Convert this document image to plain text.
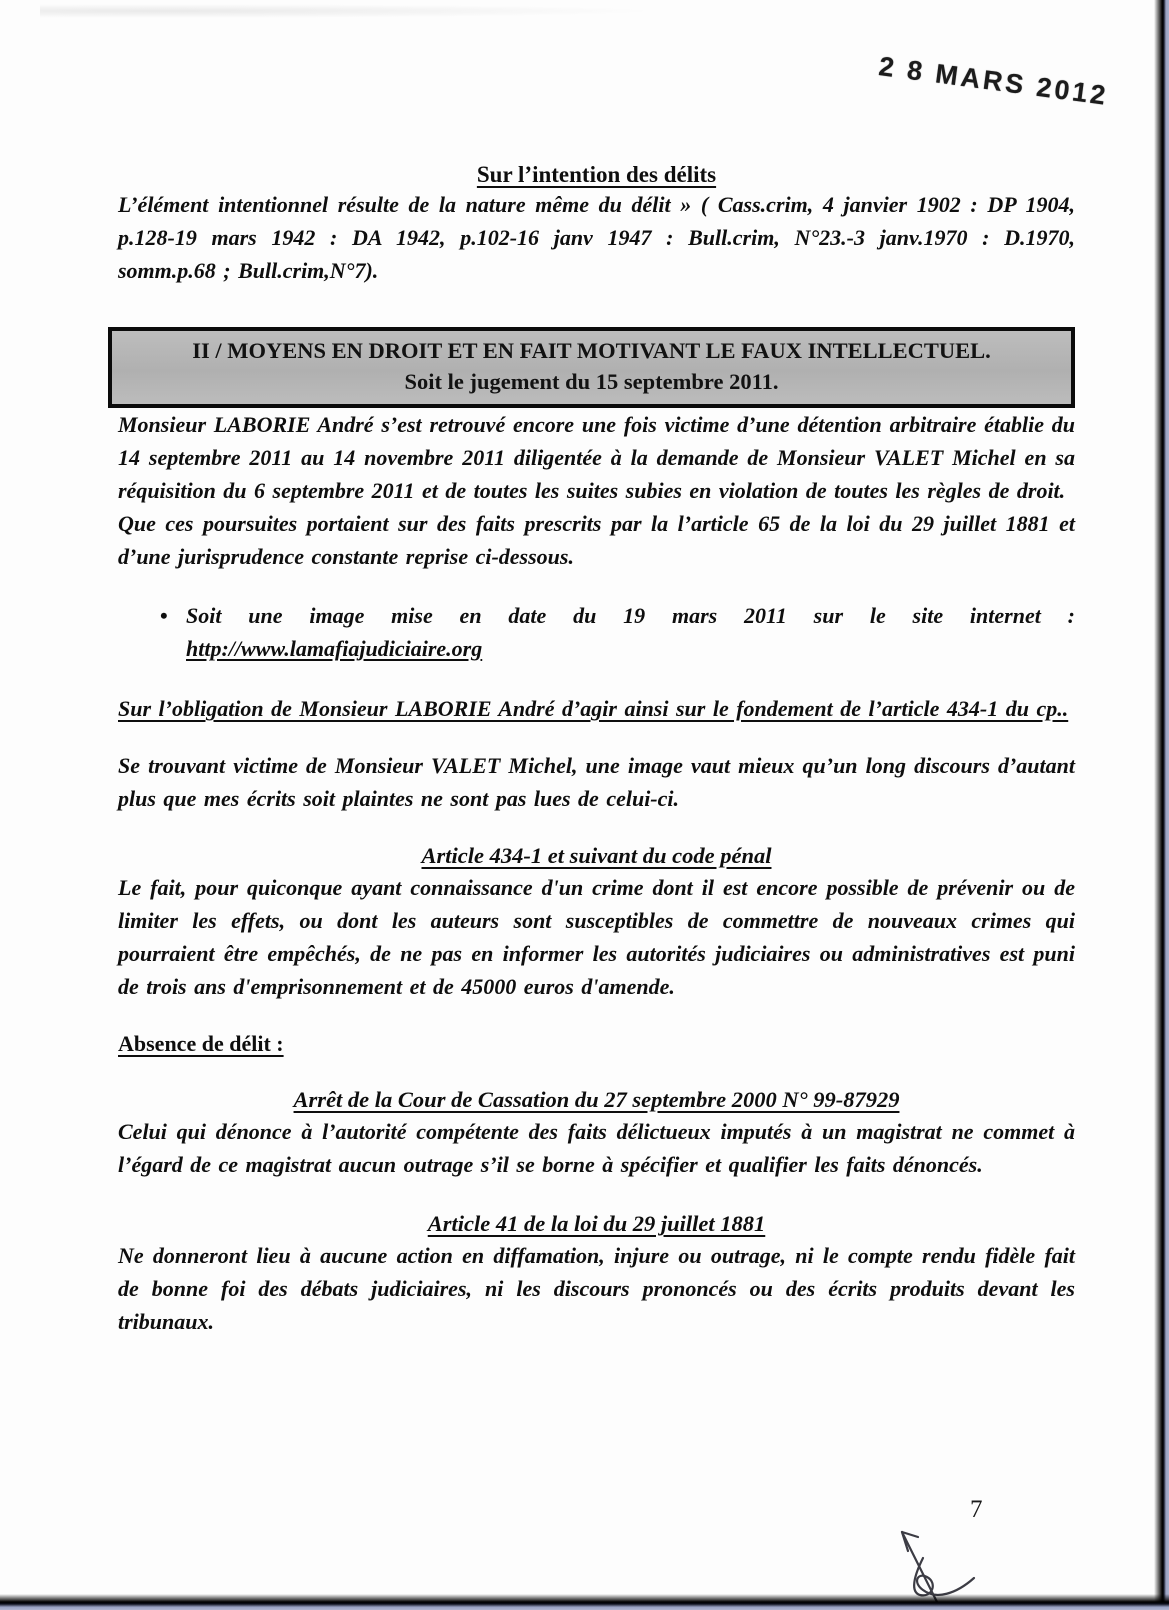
2 8 MARS 2012
Sur l’intention des délits

L’élément intentionnel résulte de la nature même du délit » ( Cass.crim, 4 janvier 1902 : DP 1904, p.128-19 mars 1942 : DA 1942, p.102-16 janv 1947 : Bull.crim, N°23.-3 janv.1970 : D.1970, somm.p.68 ; Bull.crim,N°7).

II / MOYENS EN DROIT ET EN FAIT MOTIVANT LE FAUX INTELLECTUEL.
Soit le jugement du 15 septembre 2011.

Monsieur LABORIE André s’est retrouvé encore une fois victime d’une détention arbitraire établie du 14 septembre 2011 au 14 novembre 2011 diligentée à la demande de Monsieur VALET Michel en sa réquisition du 6 septembre 2011 et de toutes les suites subies en violation de toutes les règles de droit.

Que ces poursuites portaient sur des faits prescrits par la l’article 65 de la loi du 29 juillet 1881 et d’une jurisprudence constante reprise ci-dessous.

• Soit une image mise en date du 19 mars 2011 sur le site internet : http://www.lamafiajudiciaire.org

Sur l’obligation de Monsieur LABORIE André d’agir ainsi sur le fondement de l’article 434-1 du cp..

Se trouvant victime de Monsieur VALET Michel, une image vaut mieux qu’un long discours d’autant plus que mes écrits soit plaintes ne sont pas lues de celui-ci.

Article 434-1 et suivant du code pénal

Le fait, pour quiconque ayant connaissance d'un crime dont il est encore possible de prévenir ou de limiter les effets, ou dont les auteurs sont susceptibles de commettre de nouveaux crimes qui pourraient être empêchés, de ne pas en informer les autorités judiciaires ou administratives est puni de trois ans d'emprisonnement et de 45000 euros d'amende.

Absence de délit :
Arrêt de la Cour de Cassation du 27 septembre 2000 N° 99-87929

Celui qui dénonce à l’autorité compétente des faits délictueux imputés à un magistrat ne commet à l’égard de ce magistrat aucun outrage s’il se borne à spécifier et qualifier les faits dénoncés.

Article 41 de la loi du 29 juillet 1881

Ne donneront lieu à aucune action en diffamation, injure ou outrage, ni le compte rendu fidèle fait de bonne foi des débats judiciaires, ni les discours prononcés ou des écrits produits devant les tribunaux.

7
